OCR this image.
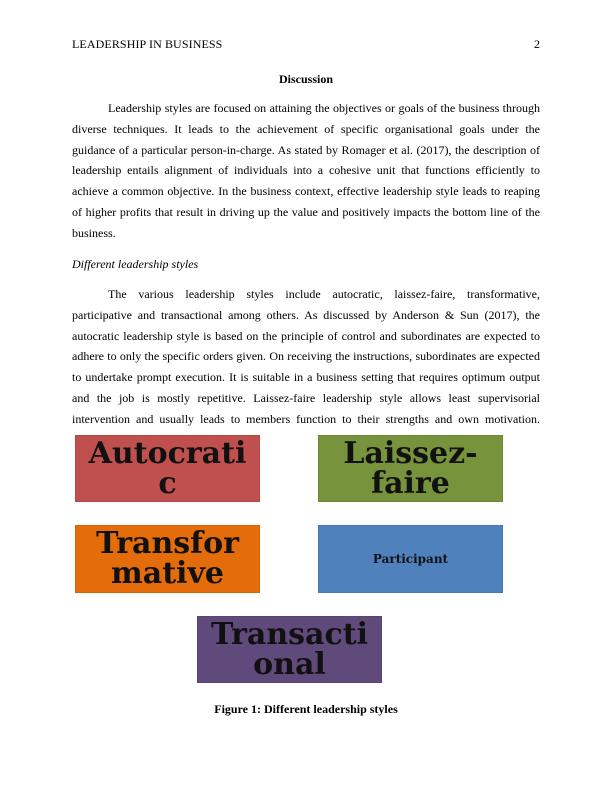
LEADERSHIP IN BUSINESS	2
Discussion

Leadership styles are focused on attaining the objectives or goals of the business through diverse techniques. It leads to the achievement of specific organisational goals under the guidance of a particular person-in-charge. As stated by Romager et al. (2017), the description of leadership entails alignment of individuals into a cohesive unit that functions efficiently to achieve a common objective. In the business context, effective leadership style leads to reaping of higher profits that result in driving up the value and positively impacts the bottom line of the business.

Different leadership styles

The various leadership styles include autocratic, laissez-faire, transformative, participative and transactional among others. As discussed by Anderson & Sun (2017), the autocratic leadership style is based on the principle of control and subordinates are expected to adhere to only the specific orders given. On receiving the instructions, subordinates are expected to undertake prompt execution. It is suitable in a business setting that requires optimum output and the job is mostly repetitive. Laissez-faire leadership style allows least supervisorial intervention and usually leads to members function to their strengths and own motivation.

Autocrati
c
Laissez-
faire
Transfor
mative	Participant
Transacti
onal
Figure 1: Different leadership styles
